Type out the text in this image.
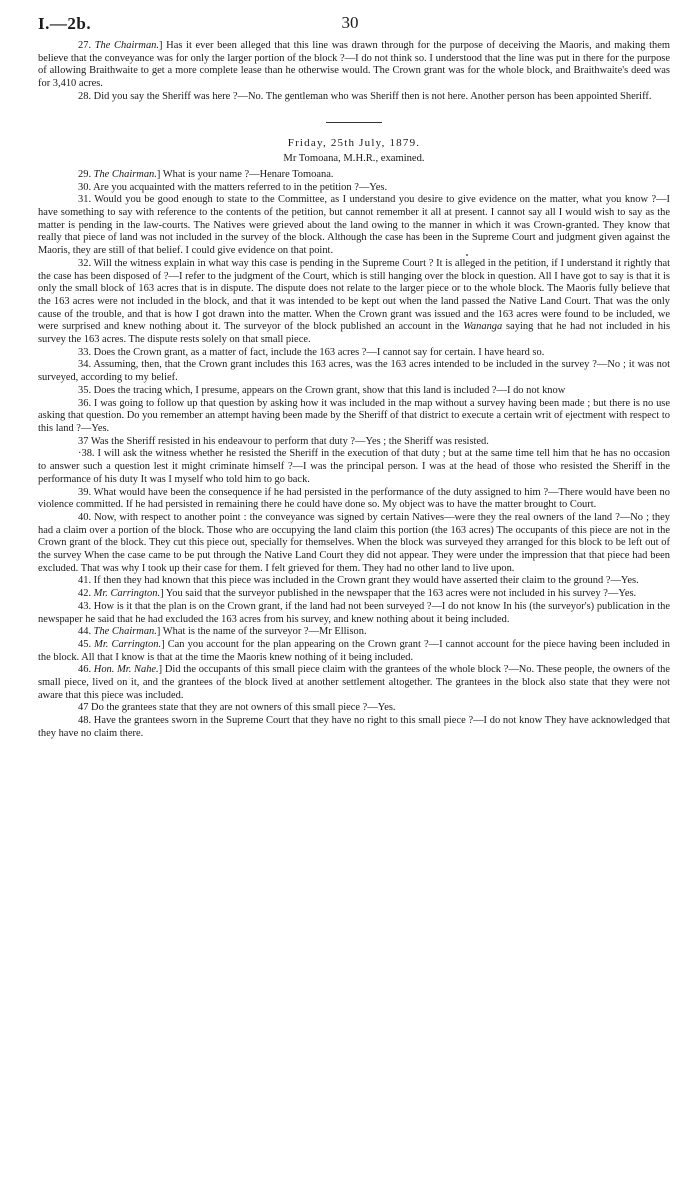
I.—2b.	30

27. The Chairman.] Has it ever been alleged that this line was drawn through for the purpose of deceiving the Maoris, and making them believe that the conveyance was for only the larger portion of the block ?—I do not think so. I understood that the line was put in there for the purpose of allowing Braithwaite to get a more complete lease than he otherwise would. The Crown grant was for the whole block, and Braithwaite's deed was for 3,410 acres.

28. Did you say the Sheriff was here ?—No. The gentleman who was Sheriff then is not here. Another person has been appointed Sheriff.

Friday, 25th July, 1879.
Mr Tomoana, M.H.R., examined.

29. The Chairman.] What is your name ?—Henare Tomoana.

30. Are you acquainted with the matters referred to in the petition ?—Yes.

31. Would you be good enough to state to the Committee, as I understand you desire to give evidence on the matter, what you know ?—I have something to say with reference to the contents of the petition, but cannot remember it all at present. I cannot say all I would wish to say as the matter is pending in the law-courts. The Natives were grieved about the land owing to the manner in which it was Crown-granted. They know that really that piece of land was not included in the survey of the block. Although the case has been in the Supreme Court and judgment given against the Maoris, they are still of that belief. I could give evidence on that point.

32. Will the witness explain in what way this case is pending in the Supreme Court ? It is alleged in the petition, if I understand it rightly that the case has been disposed of ?—I refer to the judgment of the Court, which is still hanging over the block in question. All I have got to say is that it is only the small block of 163 acres that is in dispute. The dispute does not relate to the larger piece or to the whole block. The Maoris fully believe that the 163 acres were not included in the block, and that it was intended to be kept out when the land passed the Native Land Court. That was the only cause of the trouble, and that is how I got drawn into the matter. When the Crown grant was issued and the 163 acres were found to be included, we were surprised and knew nothing about it. The surveyor of the block published an account in the Wananga saying that he had not included in his survey the 163 acres. The dispute rests solely on that small piece.

33. Does the Crown grant, as a matter of fact, include the 163 acres ?—I cannot say for certain. I have heard so.

34. Assuming, then, that the Crown grant includes this 163 acres, was the 163 acres intended to be included in the survey ?—No ; it was not surveyed, according to my belief.

35. Does the tracing which, I presume, appears on the Crown grant, show that this land is included ?—I do not know

36. I was going to follow up that question by asking how it was included in the map without a survey having been made ; but there is no use asking that question. Do you remember an attempt having been made by the Sheriff of that district to execute a certain writ of ejectment with respect to this land ?—Yes.

37 Was the Sheriff resisted in his endeavour to perform that duty ?—Yes ; the Sheriff was resisted.

·38. I will ask the witness whether he resisted the Sheriff in the execution of that duty ; but at the same time tell him that he has no occasion to answer such a question lest it might criminate himself ?—I was the principal person. I was at the head of those who resisted the Sheriff in the performance of his duty It was I myself who told him to go back.

39. What would have been the consequence if he had persisted in the performance of the duty assigned to him ?—There would have been no violence committed. If he had persisted in remaining there he could have done so. My object was to have the matter brought to Court.

40. Now, with respect to another point : the conveyance was signed by certain Natives—were they the real owners of the land ?—No ; they had a claim over a portion of the block. Those who are occupying the land claim this portion (the 163 acres) The occupants of this piece are not in the Crown grant of the block. They cut this piece out, specially for themselves. When the block was surveyed they arranged for this block to be left out of the survey When the case came to be put through the Native Land Court they did not appear. They were under the impression that that piece had been excluded. That was why I took up their case for them. I felt grieved for them. They had no other land to live upon.

41. If then they had known that this piece was included in the Crown grant they would have asserted their claim to the ground ?—Yes.

42. Mr. Carrington.] You said that the surveyor published in the newspaper that the 163 acres were not included in his survey ?—Yes.

43. How is it that the plan is on the Crown grant, if the land had not been surveyed ?—I do not know In his (the surveyor's) publication in the newspaper he said that he had excluded the 163 acres from his survey, and knew nothing about it being included.

44. The Chairman.] What is the name of the surveyor ?—Mr Ellison.

45. Mr. Carrington.] Can you account for the plan appearing on the Crown grant ?—I cannot account for the piece having been included in the block. All that I know is that at the time the Maoris knew nothing of it being included.

46. Hon. Mr. Nahe.] Did the occupants of this small piece claim with the grantees of the whole block ?—No. These people, the owners of the small piece, lived on it, and the grantees of the block lived at another settlement altogether. The grantees in the block also state that they were not aware that this piece was included.

47 Do the grantees state that they are not owners of this small piece ?—Yes.

48. Have the grantees sworn in the Supreme Court that they have no right to this small piece ?—I do not know They have acknowledged that they have no claim there.
